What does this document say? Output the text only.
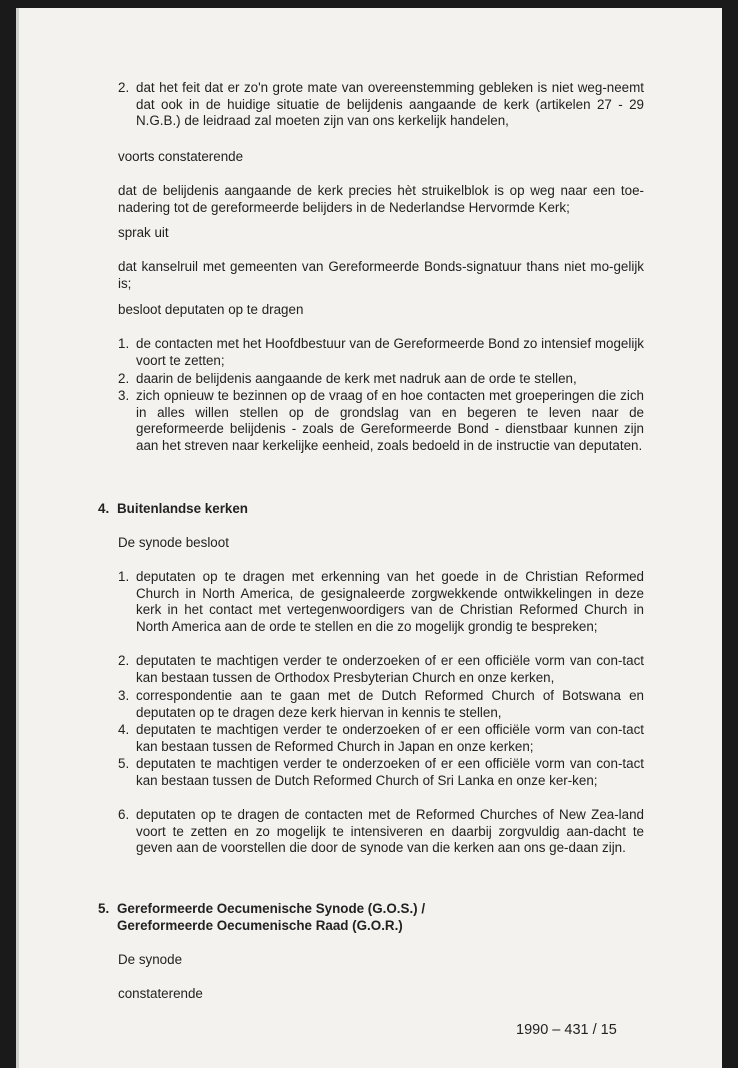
2. dat het feit dat er zo'n grote mate van overeenstemming gebleken is niet weg-neemt dat ook in de huidige situatie de belijdenis aangaande de kerk (artikelen 27 - 29 N.G.B.) de leidraad zal moeten zijn van ons kerkelijk handelen,

voorts constaterende

dat de belijdenis aangaande de kerk precies hèt struikelblok is op weg naar een toe-nadering tot de gereformeerde belijders in de Nederlandse Hervormde Kerk;

sprak uit

dat kanselruil met gemeenten van Gereformeerde Bonds-signatuur thans niet mo-gelijk is;

besloot deputaten op te dragen

1. de contacten met het Hoofdbestuur van de Gereformeerde Bond zo intensief mogelijk voort te zetten;

2. daarin de belijdenis aangaande de kerk met nadruk aan de orde te stellen,

3. zich opnieuw te bezinnen op de vraag of en hoe contacten met groeperingen die zich in alles willen stellen op de grondslag van en begeren te leven naar de gereformeerde belijdenis - zoals de Gereformeerde Bond - dienstbaar kunnen zijn aan het streven naar kerkelijke eenheid, zoals bedoeld in de instructie van deputaten.

4. Buitenlandse kerken

De synode besloot

1. deputaten op te dragen met erkenning van het goede in de Christian Reformed Church in North America, de gesignaleerde zorgwekkende ontwikkelingen in deze kerk in het contact met vertegenwoordigers van de Christian Reformed Church in North America aan de orde te stellen en die zo mogelijk grondig te bespreken;

2. deputaten te machtigen verder te onderzoeken of er een officiële vorm van con-tact kan bestaan tussen de Orthodox Presbyterian Church en onze kerken,

3. correspondentie aan te gaan met de Dutch Reformed Church of Botswana en deputaten op te dragen deze kerk hiervan in kennis te stellen,

4. deputaten te machtigen verder te onderzoeken of er een officiële vorm van con-tact kan bestaan tussen de Reformed Church in Japan en onze kerken;

5. deputaten te machtigen verder te onderzoeken of er een officiële vorm van con-tact kan bestaan tussen de Dutch Reformed Church of Sri Lanka en onze ker-ken;

6. deputaten op te dragen de contacten met de Reformed Churches of New Zea-land voort te zetten en zo mogelijk te intensiveren en daarbij zorgvuldig aan-dacht te geven aan de voorstellen die door de synode van die kerken aan ons ge-daan zijn.

5. Gereformeerde Oecumenische Synode (G.O.S.) /

Gereformeerde Oecumenische Raad (G.O.R.)

De synode

constaterende

1990 – 431 / 15
